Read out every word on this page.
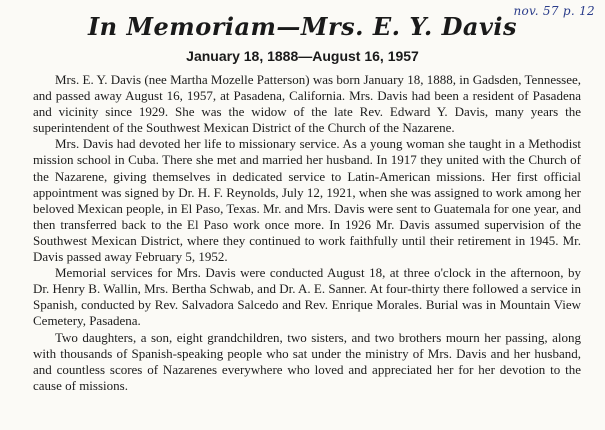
nov. 57 p. 12
In Memoriam—Mrs. E. Y. Davis
January 18, 1888—August 16, 1957

Mrs. E. Y. Davis (nee Martha Mozelle Patterson) was born January 18, 1888, in Gadsden, Tennessee, and passed away August 16, 1957, at Pasadena, California. Mrs. Davis had been a resident of Pasadena and vicinity since 1929. She was the widow of the late Rev. Edward Y. Davis, many years the superintendent of the Southwest Mexican District of the Church of the Nazarene.

Mrs. Davis had devoted her life to missionary service. As a young woman she taught in a Methodist mission school in Cuba. There she met and married her husband. In 1917 they united with the Church of the Nazarene, giving themselves in dedicated service to Latin-American missions. Her first official appointment was signed by Dr. H. F. Reynolds, July 12, 1921, when she was assigned to work among her beloved Mexican people, in El Paso, Texas. Mr. and Mrs. Davis were sent to Guatemala for one year, and then transferred back to the El Paso work once more. In 1926 Mr. Davis assumed supervision of the Southwest Mexican District, where they continued to work faithfully until their retirement in 1945. Mr. Davis passed away February 5, 1952.

Memorial services for Mrs. Davis were conducted August 18, at three o'clock in the afternoon, by Dr. Henry B. Wallin, Mrs. Bertha Schwab, and Dr. A. E. Sanner. At four-thirty there followed a service in Spanish, conducted by Rev. Salvadora Salcedo and Rev. Enrique Morales. Burial was in Mountain View Cemetery, Pasadena.

Two daughters, a son, eight grandchildren, two sisters, and two brothers mourn her passing, along with thousands of Spanish-speaking people who sat under the ministry of Mrs. Davis and her husband, and countless scores of Nazarenes everywhere who loved and appreciated her for her devotion to the cause of missions.
